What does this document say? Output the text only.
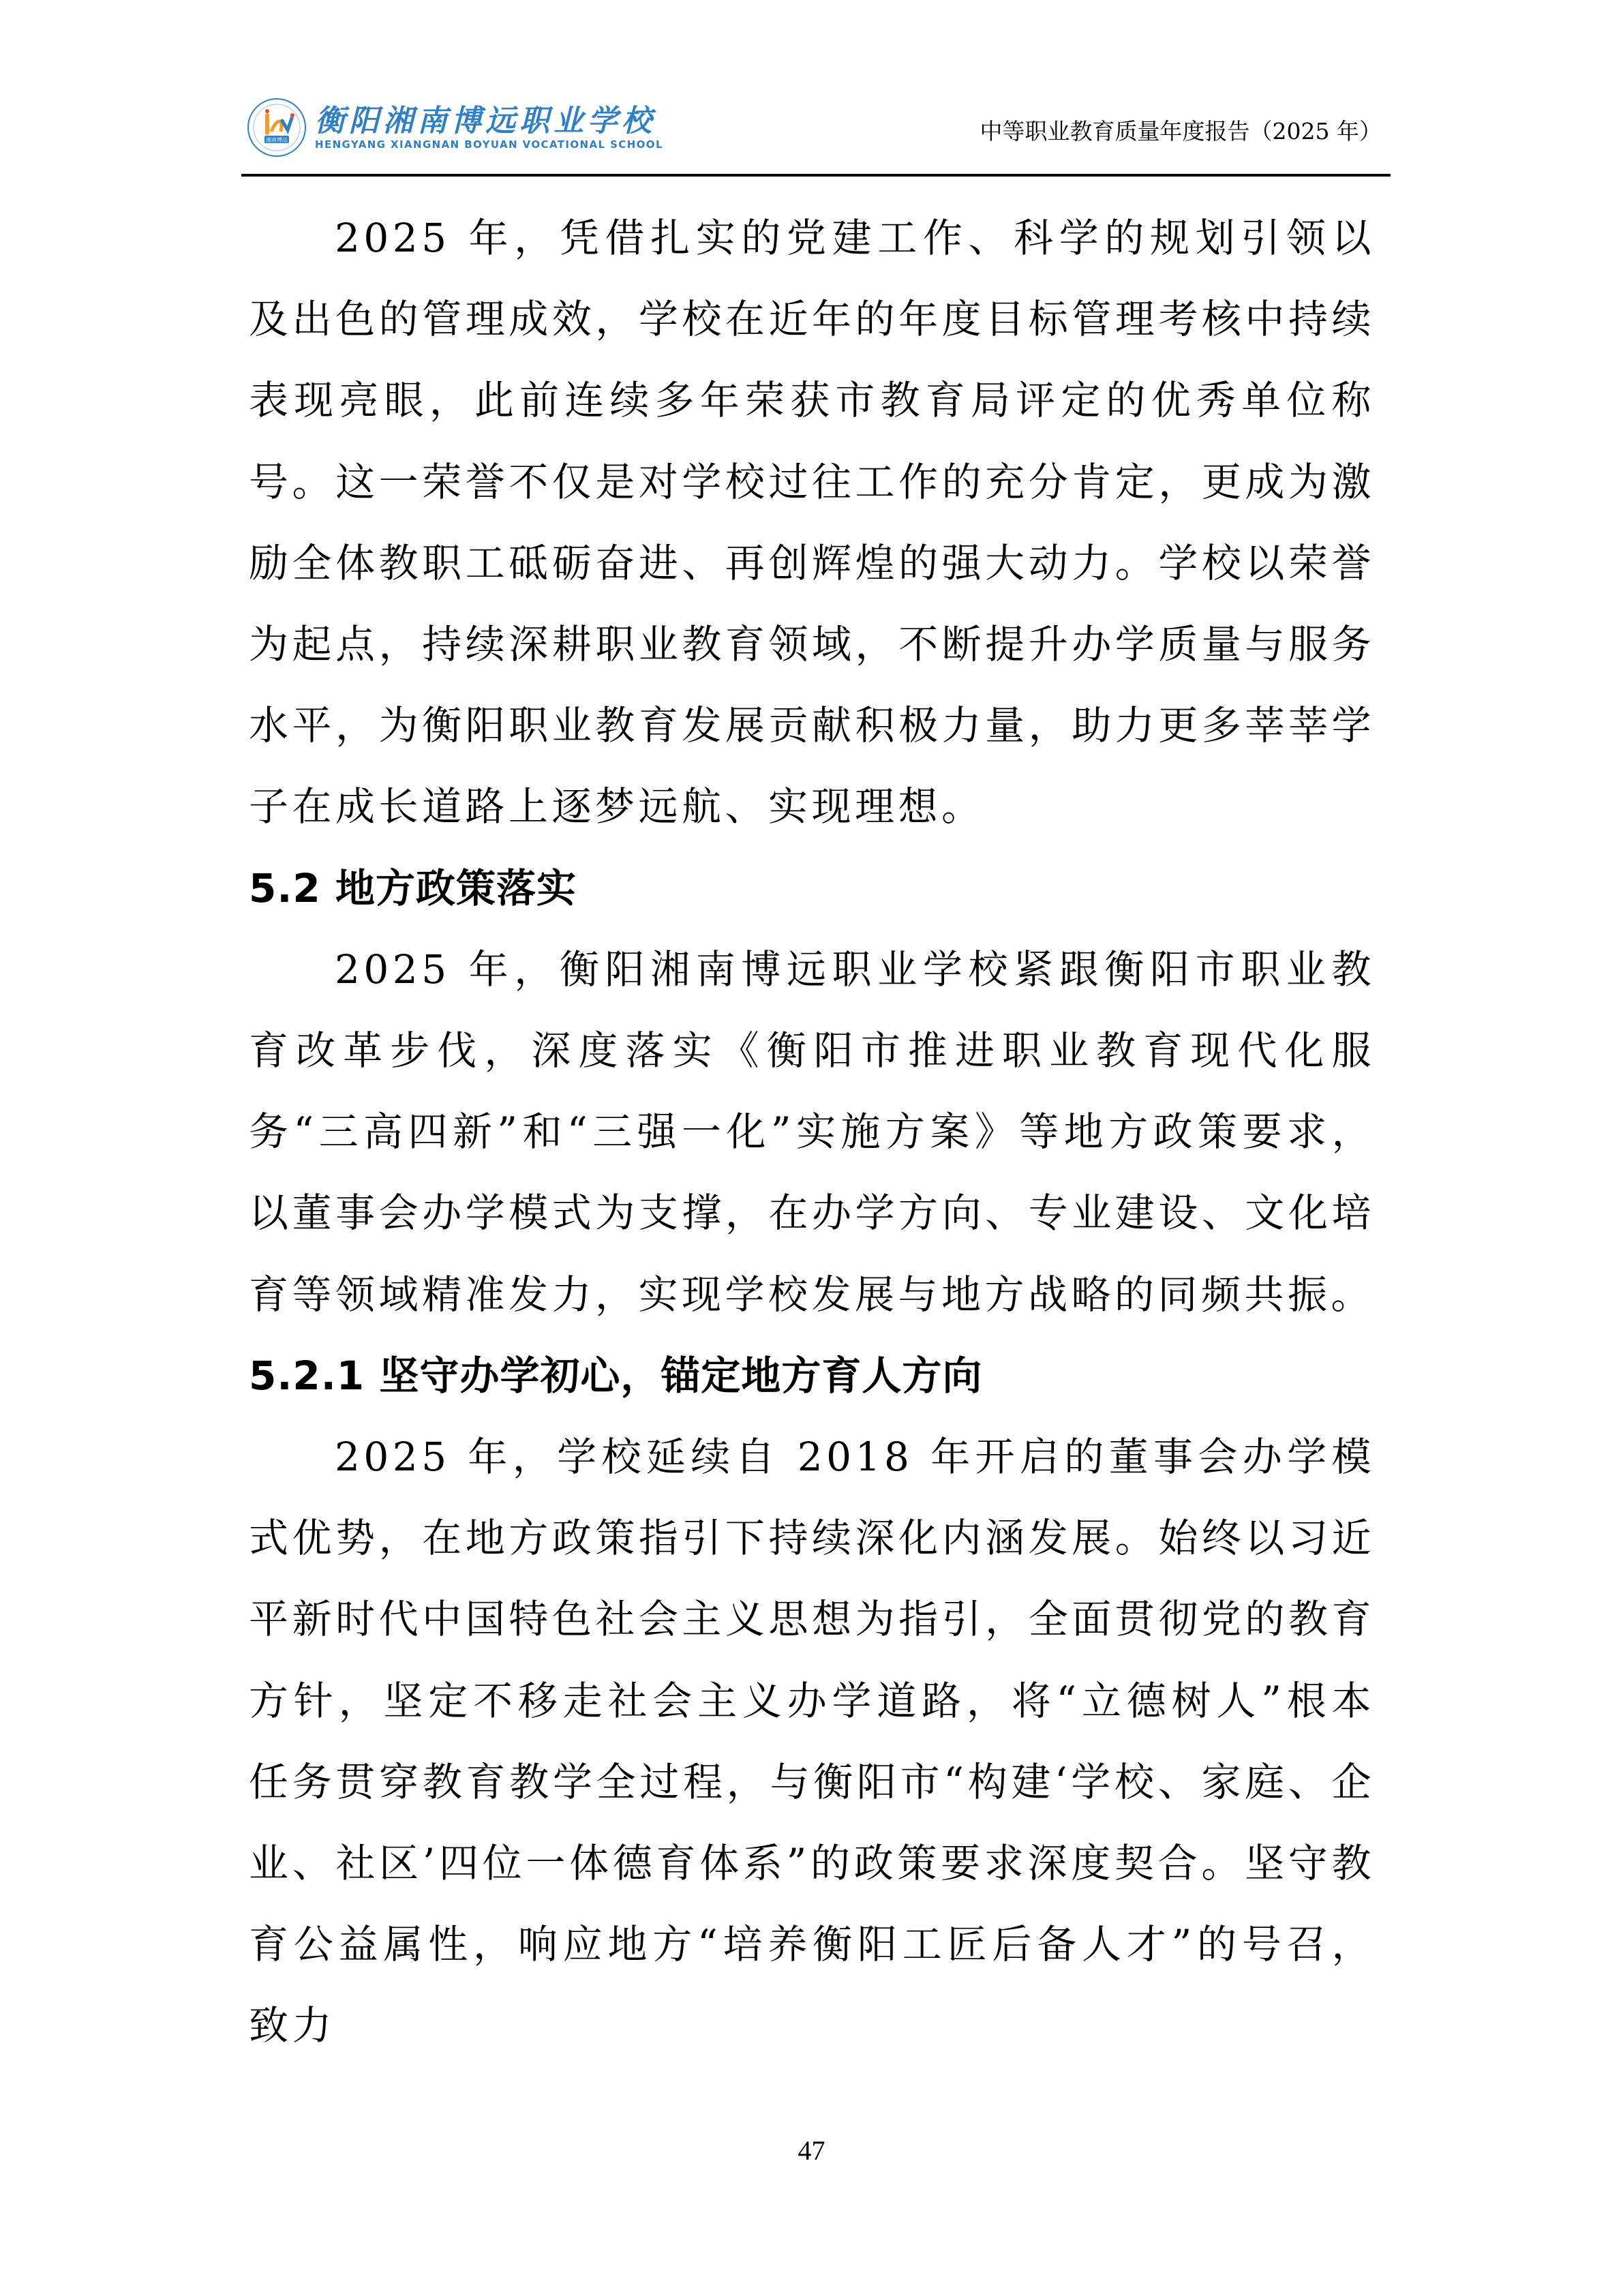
湘南博远
衡阳湘南博远职业学校
HENGYANG XIANGNAN BOYUAN VOCATIONAL SCHOOL	中等职业教育质量年度报告（2025 年）

2025 年，凭借扎实的党建工作、科学的规划引领以及出色的管理成效，学校在近年的年度目标管理考核中持续表现亮眼，此前连续多年荣获市教育局评定的优秀单位称号。这一荣誉不仅是对学校过往工作的充分肯定，更成为激励全体教职工砥砺奋进、再创辉煌的强大动力。学校以荣誉为起点，持续深耕职业教育领域，不断提升办学质量与服务水平，为衡阳职业教育发展贡献积极力量，助力更多莘莘学子在成长道路上逐梦远航、实现理想。

5.2 地方政策落实

2025 年，衡阳湘南博远职业学校紧跟衡阳市职业教育改革步伐，深度落实《衡阳市推进职业教育现代化服务“三高四新”和“三强一化”实施方案》等地方政策要求，以董事会办学模式为支撑，在办学方向、专业建设、文化培育等领域精准发力，实现学校发展与地方战略的同频共振。

5.2.1 坚守办学初心，锚定地方育人方向

2025 年，学校延续自 2018 年开启的董事会办学模式优势，在地方政策指引下持续深化内涵发展。始终以习近平新时代中国特色社会主义思想为指引，全面贯彻党的教育方针，坚定不移走社会主义办学道路，将“立德树人”根本任务贯穿教育教学全过程，与衡阳市“构建‘学校、家庭、企业、社区’四位一体德育体系”的政策要求深度契合。坚守教育公益属性，响应地方“培养衡阳工匠后备人才”的号召，致力

47
